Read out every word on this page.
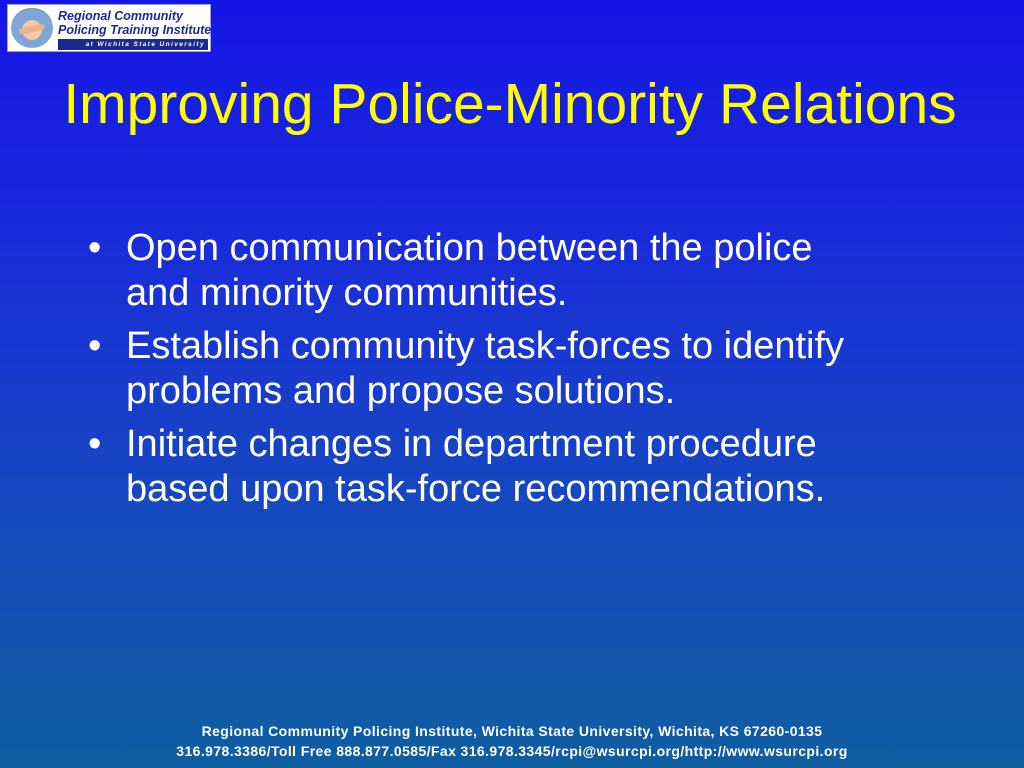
Regional Community
Policing Training Institute
at Wichita State University
Improving Police-Minority Relations
• Open communication between the police and minority communities.
• Establish community task-forces to identify problems and propose solutions.
• Initiate changes in department procedure based upon task-force recommendations.
Regional Community Policing Institute, Wichita State University, Wichita, KS 67260-0135
316.978.3386/Toll Free 888.877.0585/Fax 316.978.3345/rcpi@wsurcpi.org/http://www.wsurcpi.org
